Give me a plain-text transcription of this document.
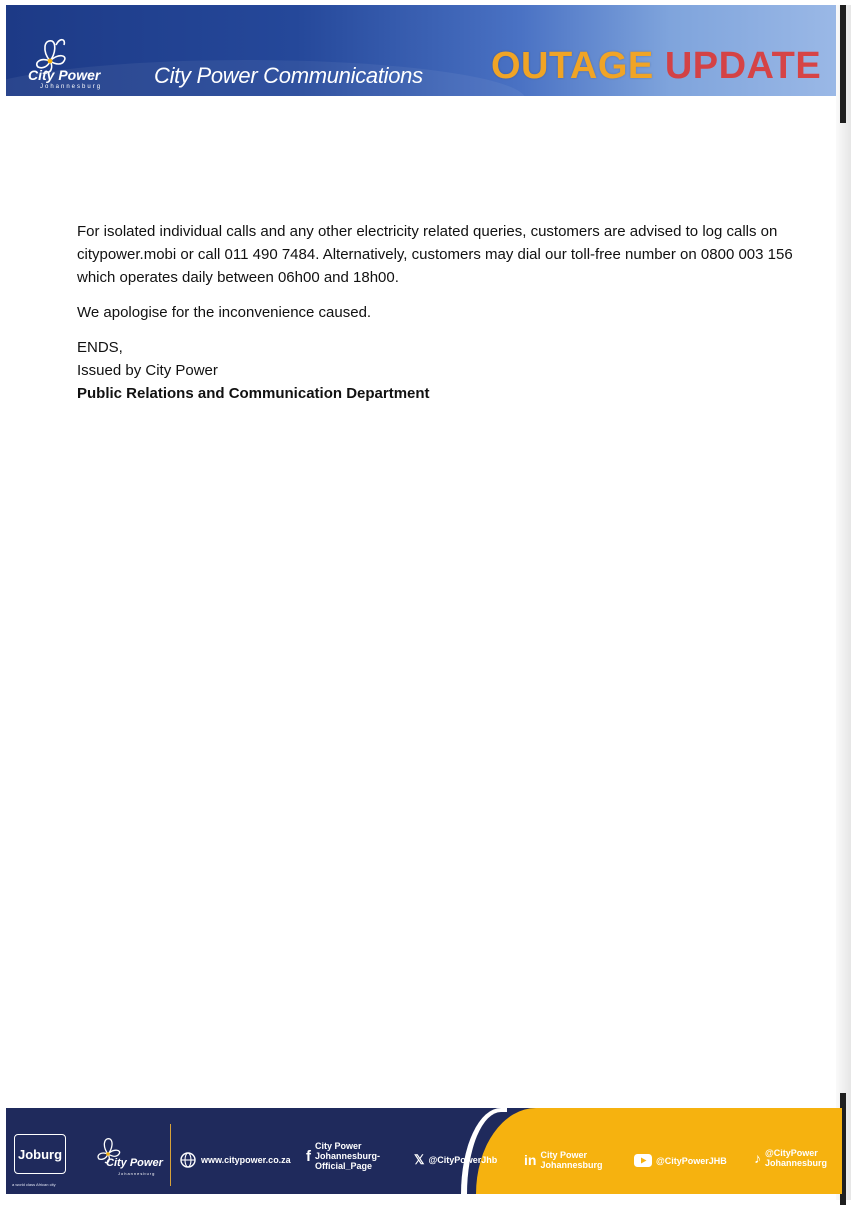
City Power
Johannesburg City Power Communications OUTAGE UPDATE

For isolated individual calls and any other electricity related queries, customers are advised to log calls on citypower.mobi or call 011 490 7484. Alternatively, customers may dial our toll-free number on 0800 003 156 which operates daily between 06h00 and 18h00.

We apologise for the inconvenience caused.

ENDS,
Issued by City Power
Public Relations and Communication Department
Joburg
a world class African city
City Power
Johannesburg
www.citypower.co.za f
City Power
Johannesburg-
Official_Page	𝕏 @CityPowerJhb in City Power
Johannesburg	@CityPowerJHB ♪ @CityPower
Johannesburg
